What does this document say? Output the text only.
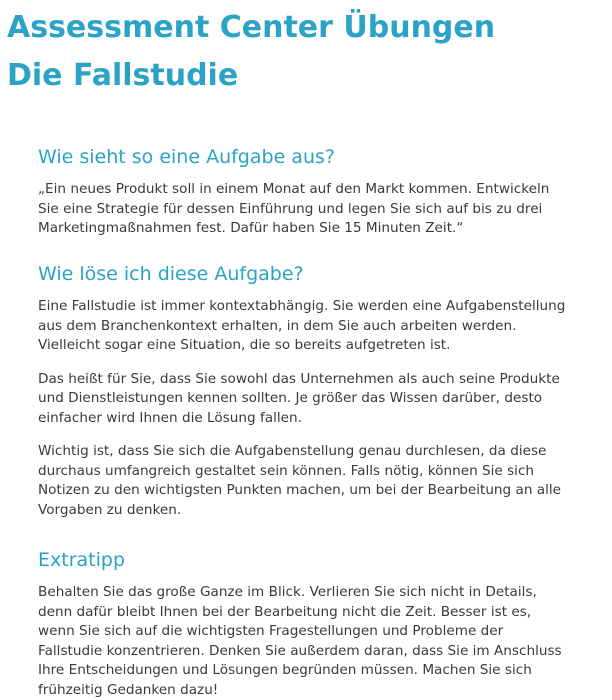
Assessment Center Übungen
Die Fallstudie
Wie sieht so eine Aufgabe aus?

„Ein neues Produkt soll in einem Monat auf den Markt kommen. Entwickeln
Sie eine Strategie für dessen Einführung und legen Sie sich auf bis zu drei
Marketingmaßnahmen fest. Dafür haben Sie 15 Minuten Zeit.“

Wie löse ich diese Aufgabe?

Eine Fallstudie ist immer kontextabhängig. Sie werden eine Aufgabenstellung
aus dem Branchenkontext erhalten, in dem Sie auch arbeiten werden.
Vielleicht sogar eine Situation, die so bereits aufgetreten ist.

Das heißt für Sie, dass Sie sowohl das Unternehmen als auch seine Produkte
und Dienstleistungen kennen sollten. Je größer das Wissen darüber, desto
einfacher wird Ihnen die Lösung fallen.

Wichtig ist, dass Sie sich die Aufgabenstellung genau durchlesen, da diese
durchaus umfangreich gestaltet sein können. Falls nötig, können Sie sich
Notizen zu den wichtigsten Punkten machen, um bei der Bearbeitung an alle
Vorgaben zu denken.

Extratipp

Behalten Sie das große Ganze im Blick. Verlieren Sie sich nicht in Details,
denn dafür bleibt Ihnen bei der Bearbeitung nicht die Zeit. Besser ist es,
wenn Sie sich auf die wichtigsten Fragestellungen und Probleme der
Fallstudie konzentrieren. Denken Sie außerdem daran, dass Sie im Anschluss
Ihre Entscheidungen und Lösungen begründen müssen. Machen Sie sich
frühzeitig Gedanken dazu!
